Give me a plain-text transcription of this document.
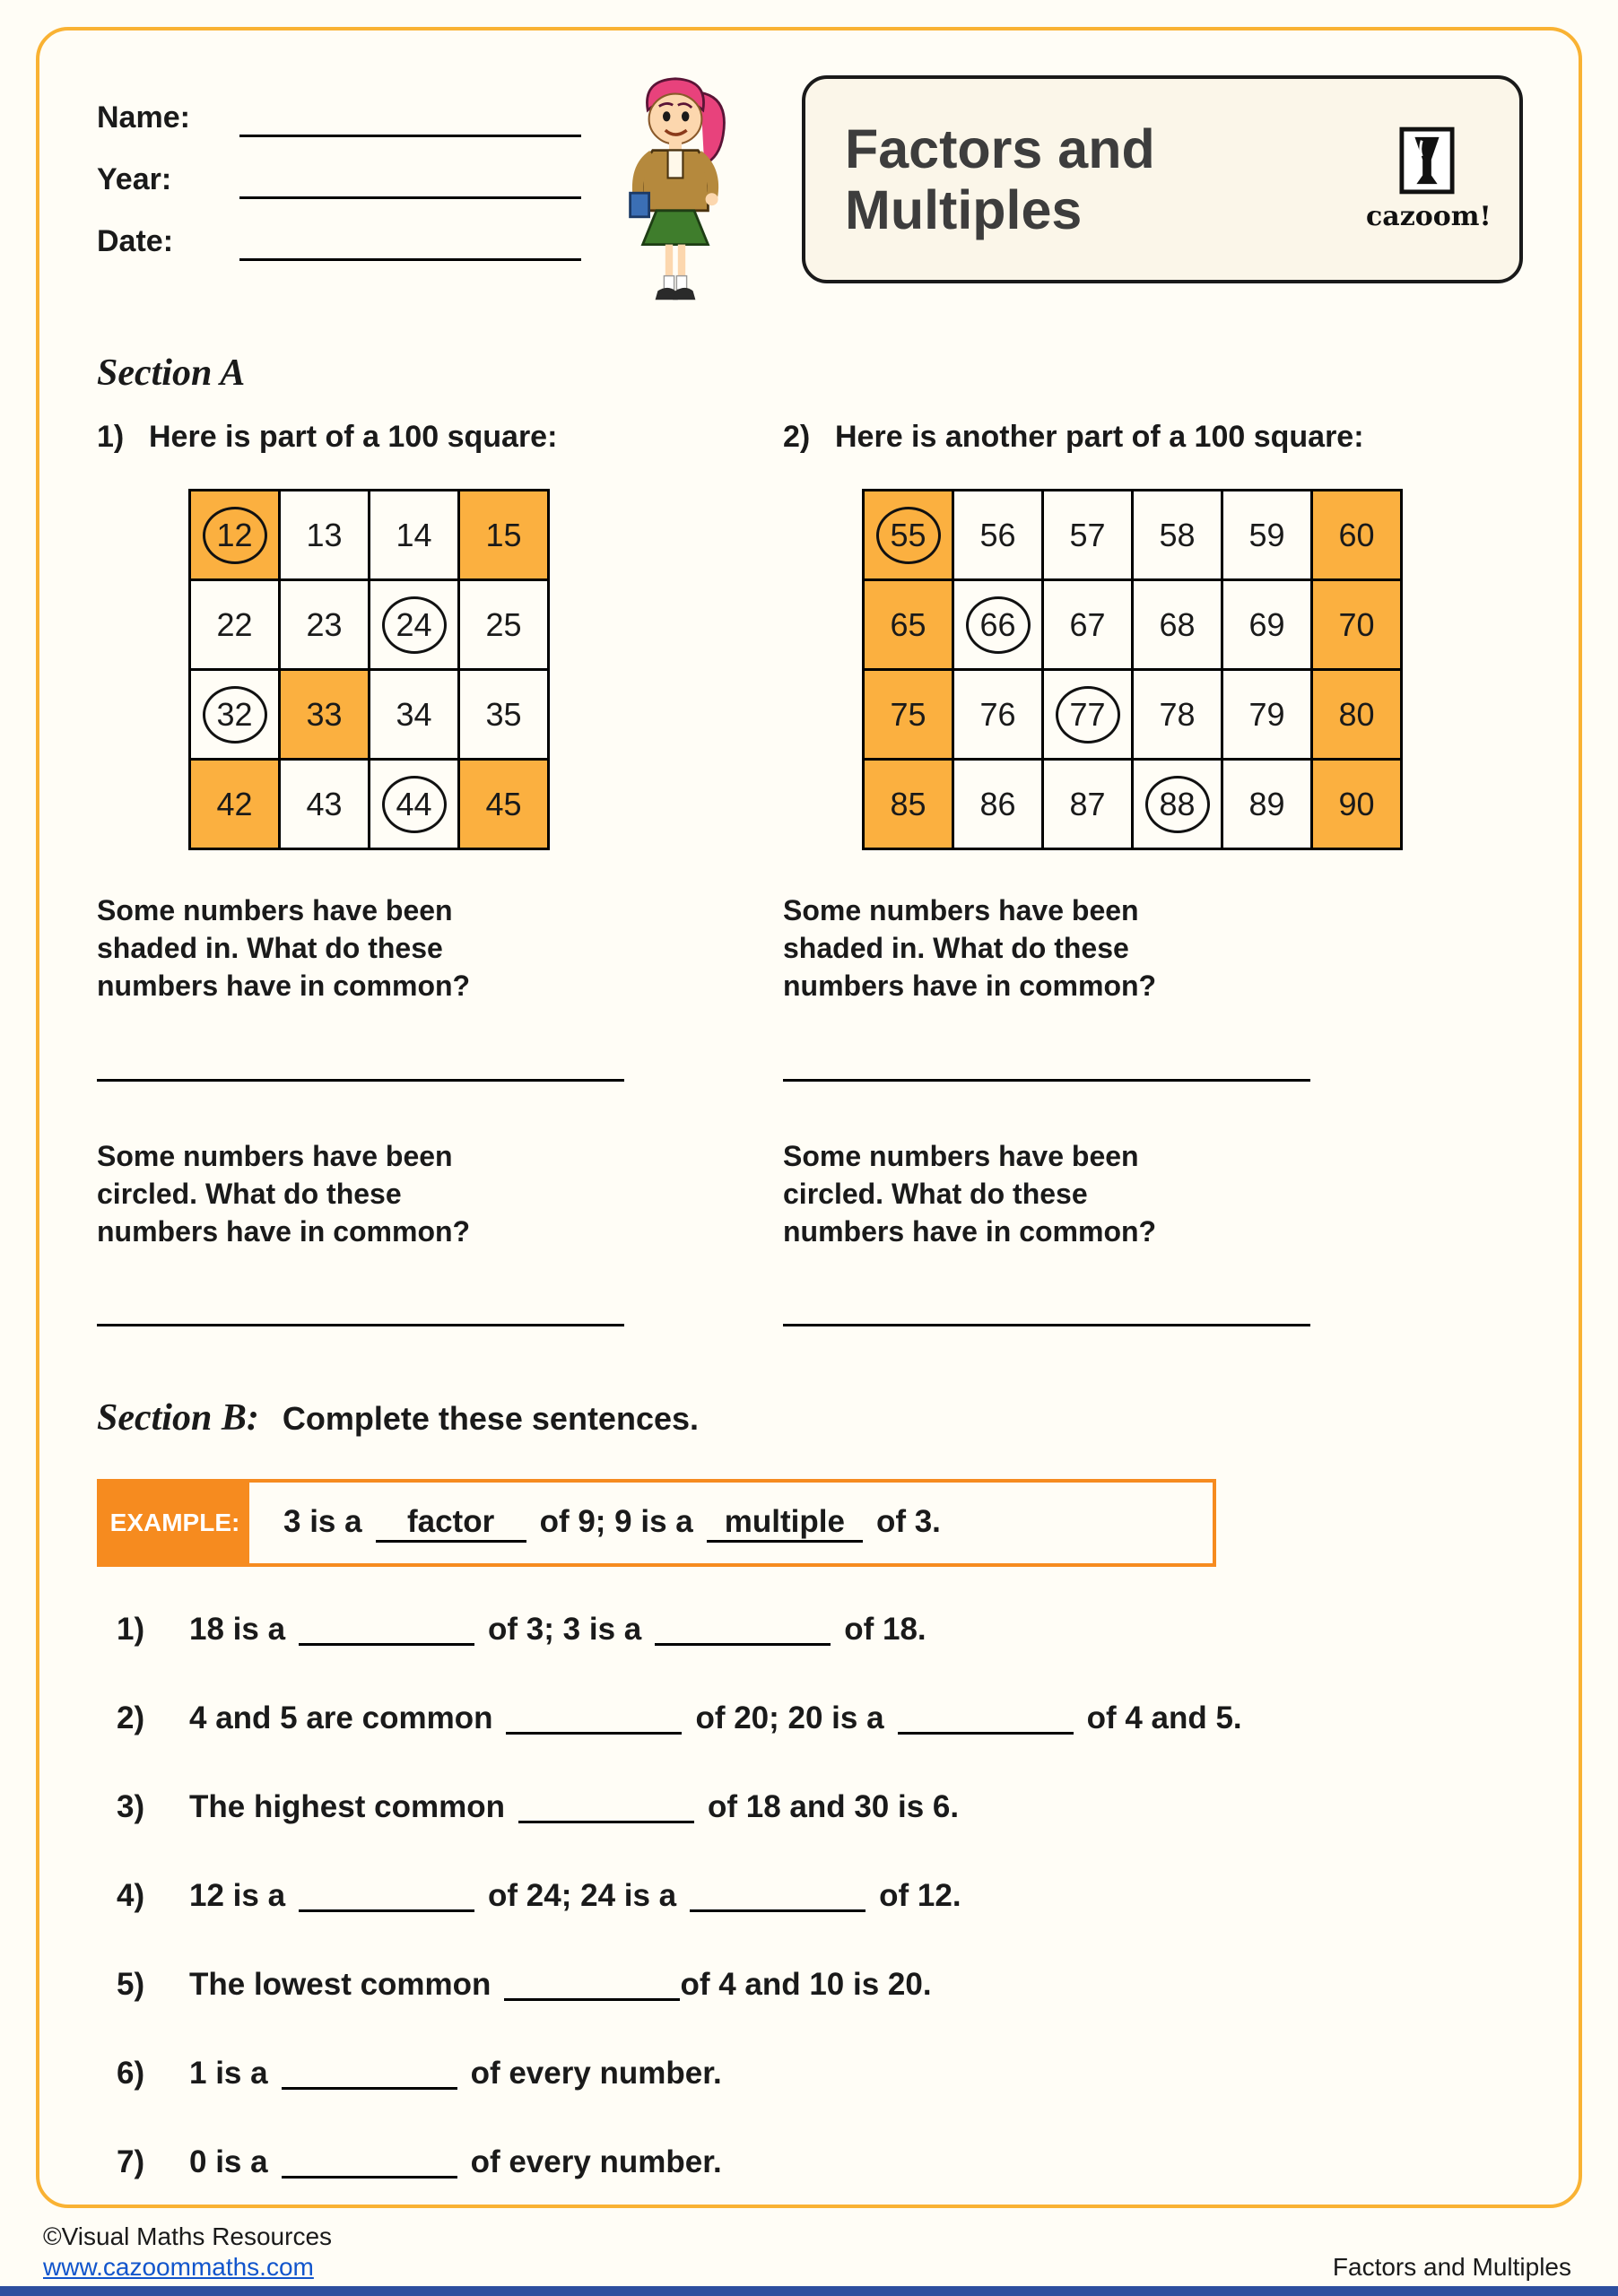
Name:
Year:
Date:
Factors and
Multiples	cazoom!
Section A
1) Here is part of a 100 square:
12	13 14 15
22 23	24	25
32	33 34 35
42 43	44	45
Some numbers have been shaded in. What do these numbers have in common?
Some numbers have been circled. What do these numbers have in common?
2) Here is another part of a 100 square:
55	56 57 58 59 60
65	66	67 68 69 70
75 76	77	78 79 80
85 86 87	88	89 90
Some numbers have been shaded in. What do these numbers have in common?
Some numbers have been circled. What do these numbers have in common?
Section B: Complete these sentences.
EXAMPLE:	3 is a	factor	of 9; 9 is a	multiple	of 3.
1)	18 is a	of 3; 3 is a	of 18.
2)	4 and 5 are common	of 20; 20 is a	of 4 and 5.
3)	The highest common	of 18 and 30 is 6.
4)	12 is a	of 24; 24 is a	of 12.
5)	The lowest common	of 4 and 10 is 20.
6)	1 is a	of every number.
7)	0 is a	of every number.
©Visual Maths Resources
www.cazoommaths.com	Factors and Multiples
